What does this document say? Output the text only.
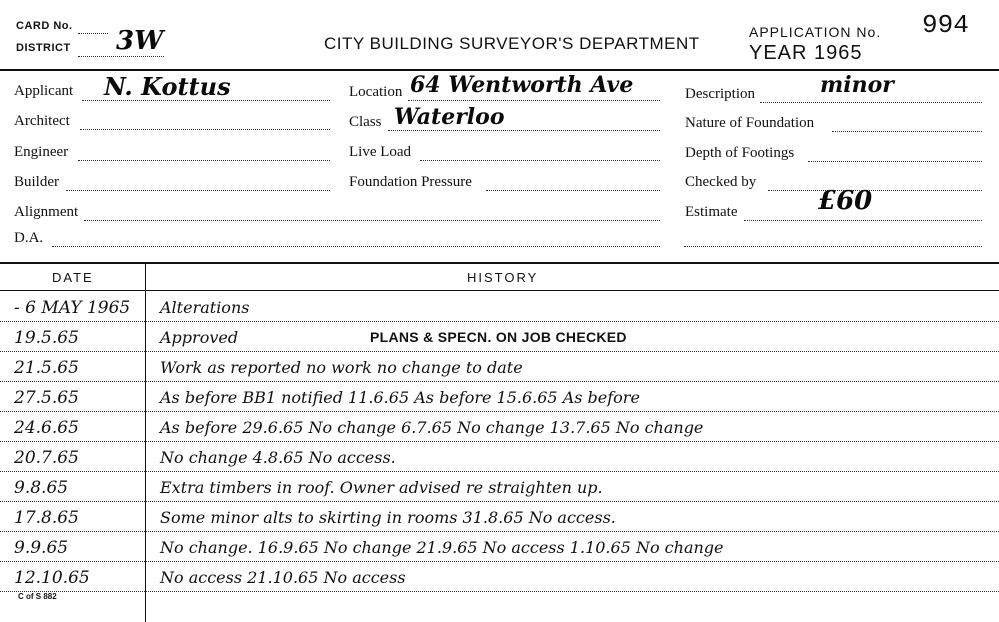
CARD No.
DISTRICT 3W	CITY BUILDING SURVEYOR'S DEPARTMENT
APPLICATION No. 994
YEAR 1965
Applicant N. Kottus
Architect
Engineer
Builder
Alignment
D.A.
Location 64 Wentworth Ave
Class Waterloo
Live Load
Foundation Pressure
Description	minor
Nature of Foundation
Depth of Footings
Checked by
Estimate	£60
DATE	HISTORY
- 6 MAY 1965 Alterations
19.5.65	Approved	PLANS & SPECN. ON JOB CHECKED
21.5.65	Work as reported no work no change to date
27.5.65	As before BB1 notified 11.6.65 As before 15.6.65 As before
24.6.65	As before 29.6.65 No change 6.7.65 No change 13.7.65 No change
20.7.65	No change 4.8.65 No access.
9.8.65	Extra timbers in roof. Owner advised re straighten up.
17.8.65	Some minor alts to skirting in rooms 31.8.65 No access.
9.9.65	No change. 16.9.65 No change 21.9.65 No access 1.10.65 No change
12.10.65	No access 21.10.65 No access
C of S 882
